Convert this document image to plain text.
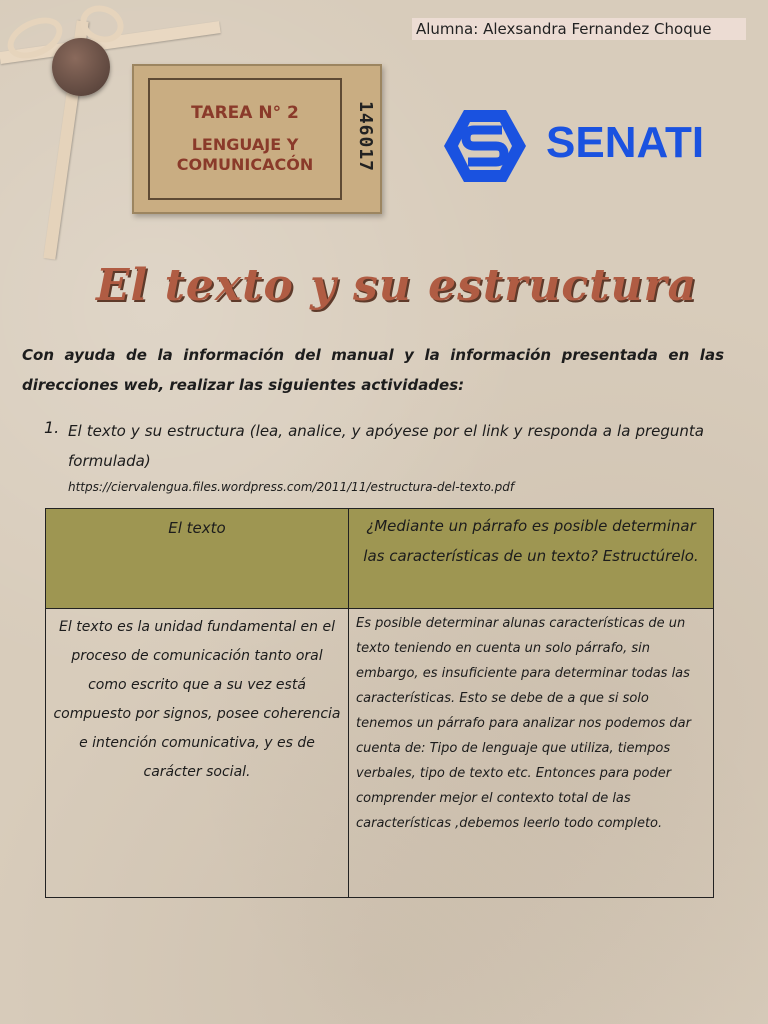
Alumna: Alexsandra Fernandez Choque
TAREA N° 2
LENGUAJE Y
COMUNICACÓN	146017	SENATI
El texto y su estructura
Con ayuda de la información del manual y la información presentada en las direcciones web, realizar las siguientes actividades:
1. El texto y su estructura (lea, analice, y apóyese por el link y responda a la pregunta formulada)
https://ciervalengua.files.wordpress.com/2011/11/estructura-del-texto.pdf
El texto	¿Mediante un párrafo es posible determinar las características de un texto? Estructúrelo.
El texto es la unidad fundamental en el proceso de comunicación tanto oral como escrito que a su vez está compuesto por signos, posee coherencia e intención comunicativa, y es de carácter social.	Es posible determinar alunas características de un texto teniendo en cuenta un solo párrafo, sin embargo, es insuficiente para determinar todas las características. Esto se debe de a que si solo tenemos un párrafo para analizar nos podemos dar cuenta de: Tipo de lenguaje que utiliza, tiempos verbales, tipo de texto etc. Entonces para poder comprender mejor el contexto total de las características ,debemos leerlo todo completo.
